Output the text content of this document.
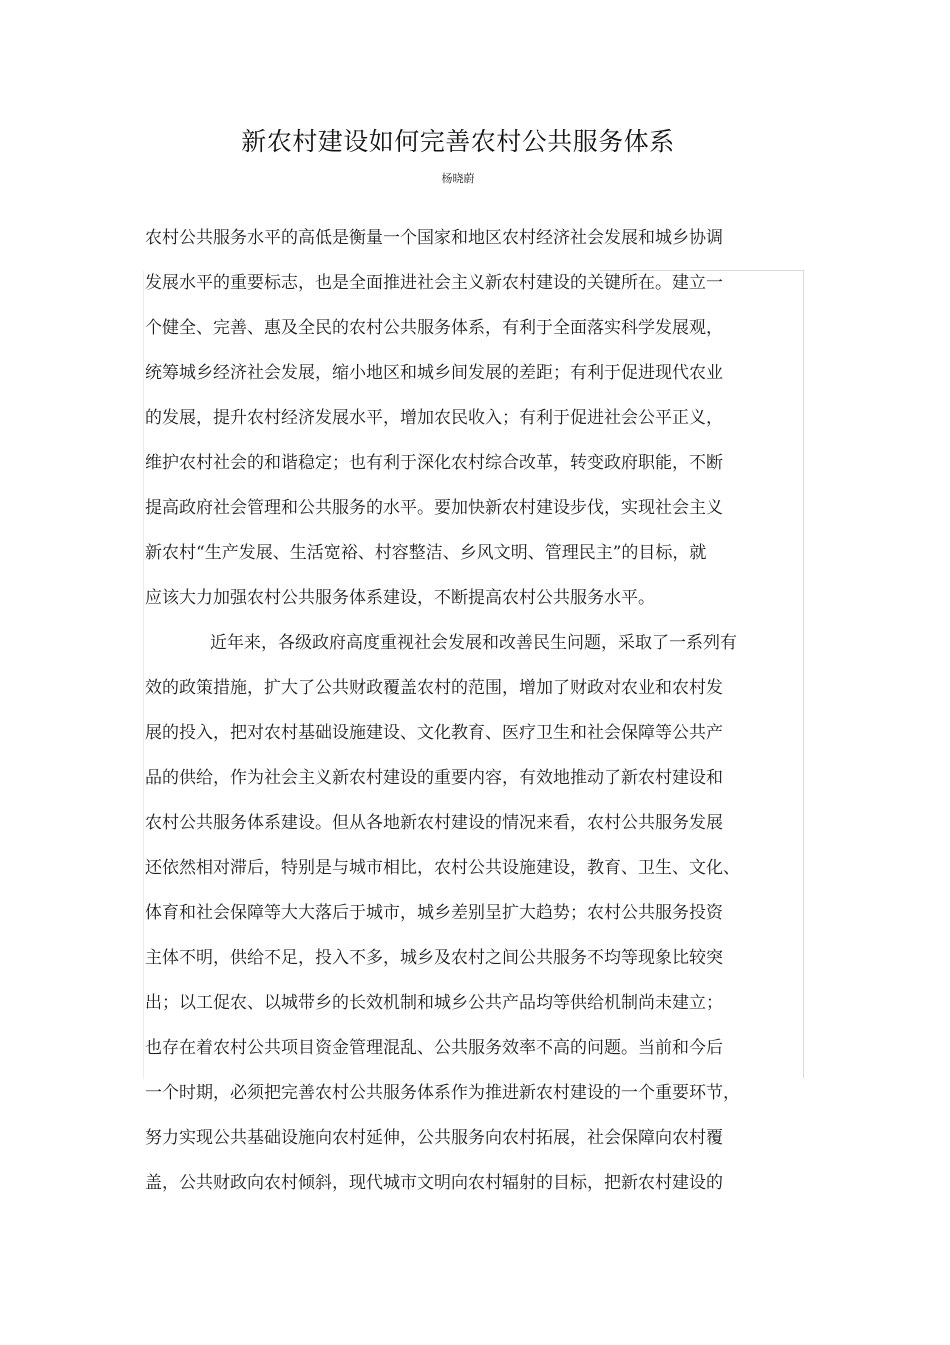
新农村建设如何完善农村公共服务体系
杨晓蔚
农村公共服务水平的高低是衡量一个国家和地区农村经济社会发展和城乡协调
发展水平的重要标志，也是全面推进社会主义新农村建设的关键所在。建立一
个健全、完善、惠及全民的农村公共服务体系，有利于全面落实科学发展观，
统筹城乡经济社会发展，缩小地区和城乡间发展的差距；有利于促进现代农业
的发展，提升农村经济发展水平，增加农民收入；有利于促进社会公平正义，
维护农村社会的和谐稳定；也有利于深化农村综合改革，转变政府职能，不断
提高政府社会管理和公共服务的水平。要加快新农村建设步伐，实现社会主义
新农村“生产发展、生活宽裕、村容整洁、乡风文明、管理民主”的目标，就
应该大力加强农村公共服务体系建设，不断提高农村公共服务水平。
近年来，各级政府高度重视社会发展和改善民生问题，采取了一系列有
效的政策措施，扩大了公共财政覆盖农村的范围，增加了财政对农业和农村发
展的投入，把对农村基础设施建设、文化教育、医疗卫生和社会保障等公共产
品的供给，作为社会主义新农村建设的重要内容，有效地推动了新农村建设和
农村公共服务体系建设。但从各地新农村建设的情况来看，农村公共服务发展
还依然相对滞后，特别是与城市相比，农村公共设施建设，教育、卫生、文化、
体育和社会保障等大大落后于城市，城乡差别呈扩大趋势；农村公共服务投资
主体不明，供给不足，投入不多，城乡及农村之间公共服务不均等现象比较突
出；以工促农、以城带乡的长效机制和城乡公共产品均等供给机制尚未建立；
也存在着农村公共项目资金管理混乱、公共服务效率不高的问题。当前和今后
一个时期，必须把完善农村公共服务体系作为推进新农村建设的一个重要环节，
努力实现公共基础设施向农村延伸，公共服务向农村拓展，社会保障向农村覆
盖，公共财政向农村倾斜，现代城市文明向农村辐射的目标，把新农村建设的
